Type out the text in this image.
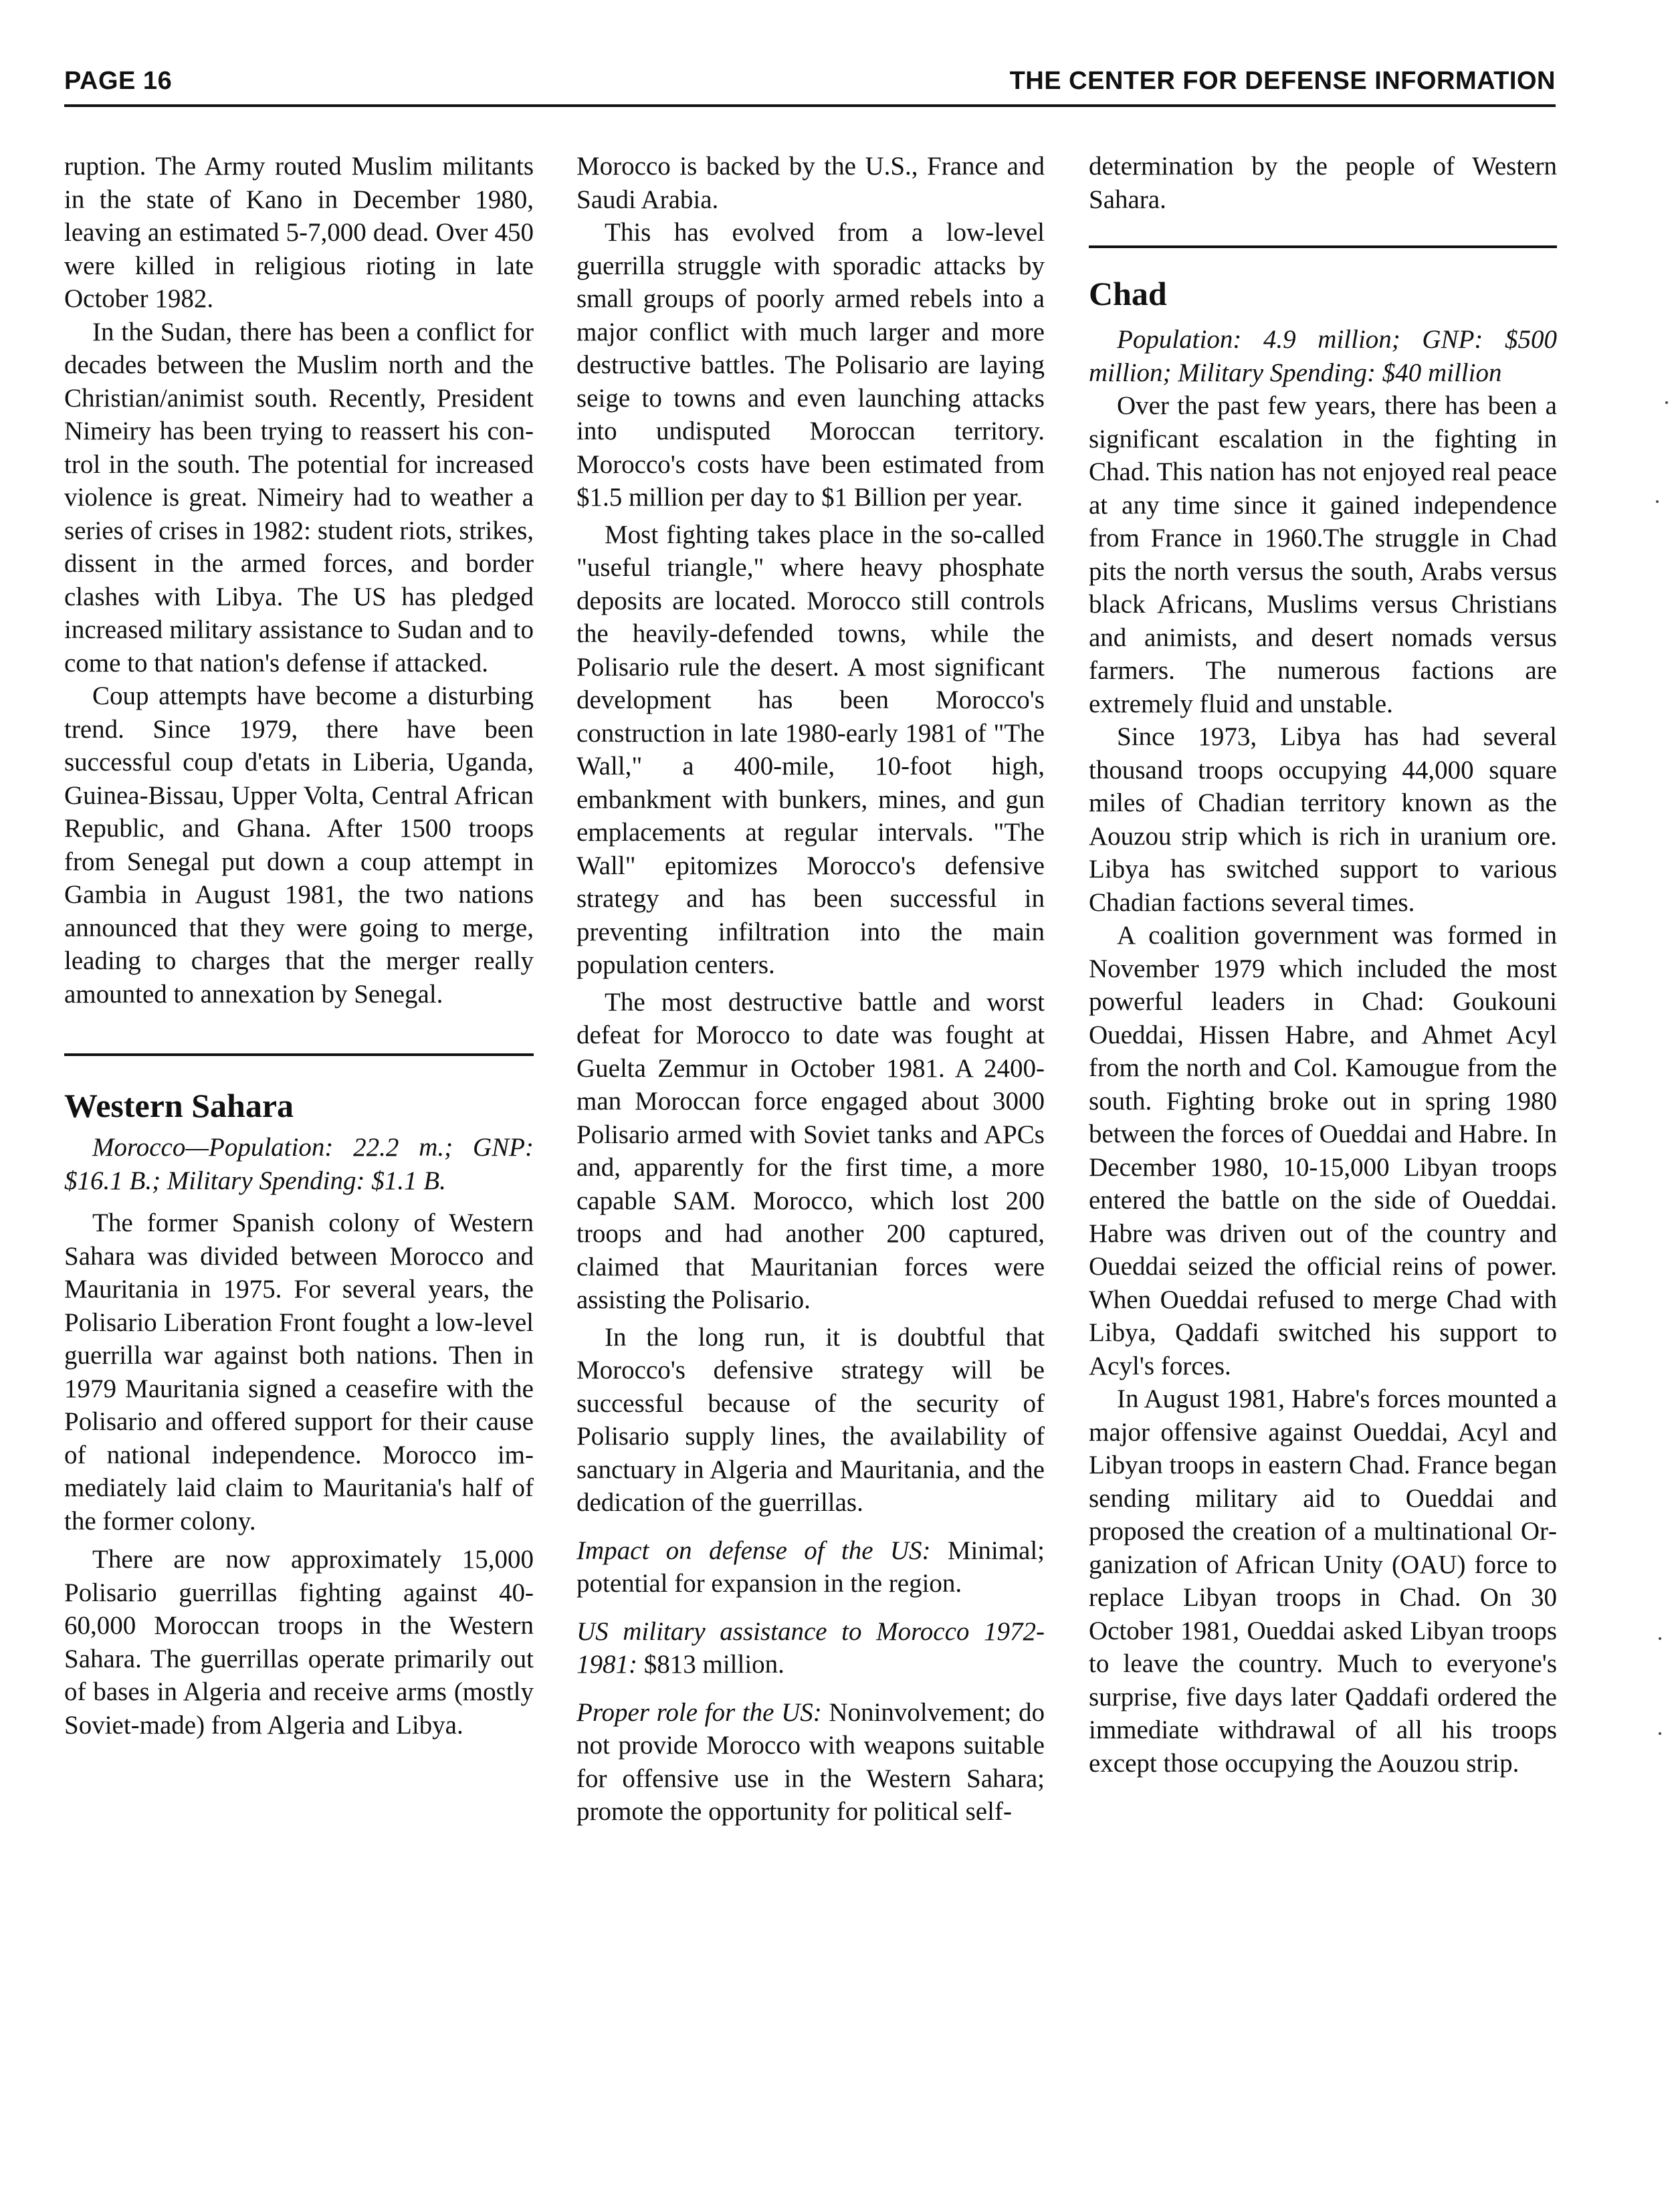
PAGE 16	THE CENTER FOR DEFENSE INFORMATION

ruption. The Army routed Muslim militants in the state of Kano in December 1980, leaving an estimated 5-7,000 dead. Over 450 were killed in religious rioting in late October 1982.

In the Sudan, there has been a conflict for decades between the Muslim north and the Christian/animist south. Recently, President Nimeiry has been trying to reassert his control in the south. The potential for increased violence is great. Nimeiry had to weather a series of crises in 1982: student riots, strikes, dissent in the armed forces, and border clashes with Libya. The US has pledged increased military assistance to Sudan and to come to that nation's defense if attacked.

Coup attempts have become a disturbing trend. Since 1979, there have been successful coup d'etats in Liberia, Uganda, Guinea-Bissau, Upper Volta, Central African Republic, and Ghana. After 1500 troops from Senegal put down a coup attempt in Gambia in August 1981, the two nations announced that they were going to merge, leading to charges that the merger really amounted to annexation by Senegal.

Western Sahara

Morocco—Population: 22.2 m.; GNP: $16.1 B.; Military Spending: $1.1 B.

The former Spanish colony of Western Sahara was divided between Morocco and Mauritania in 1975. For several years, the Polisario Liberation Front fought a low-level guerrilla war against both nations. Then in 1979 Mauritania signed a ceasefire with the Polisario and offered support for their cause of national independence. Morocco immediately laid claim to Mauritania's half of the former colony.

There are now approximately 15,000 Polisario guerrillas fighting against 40-60,000 Moroccan troops in the Western Sahara. The guerrillas operate primarily out of bases in Algeria and receive arms (mostly Soviet-made) from Algeria and Libya.

Morocco is backed by the U.S., France and Saudi Arabia.

This has evolved from a low-level guerrilla struggle with sporadic attacks by small groups of poorly armed rebels into a major conflict with much larger and more destructive battles. The Polisario are laying seige to towns and even launching attacks into undisputed Moroccan territory. Morocco's costs have been estimated from $1.5 million per day to $1 Billion per year.

Most fighting takes place in the so-called "useful triangle," where heavy phosphate deposits are located. Morocco still controls the heavily-defended towns, while the Polisario rule the desert. A most significant development has been Morocco's construction in late 1980-early 1981 of "The Wall," a 400-mile, 10-foot high, embankment with bunkers, mines, and gun emplacements at regular intervals. "The Wall" epitomizes Morocco's defensive strategy and has been successful in preventing infiltration into the main population centers.

The most destructive battle and worst defeat for Morocco to date was fought at Guelta Zemmur in October 1981. A 2400-man Moroccan force engaged about 3000 Polisario armed with Soviet tanks and APCs and, apparently for the first time, a more capable SAM. Morocco, which lost 200 troops and had another 200 captured, claimed that Mauritanian forces were assisting the Polisario.

In the long run, it is doubtful that Morocco's defensive strategy will be successful because of the security of Polisario supply lines, the availability of sanctuary in Algeria and Mauritania, and the dedication of the guerrillas.

Impact on defense of the US: Minimal; potential for expansion in the region.

US military assistance to Morocco 1972-1981: $813 million.

Proper role for the US: Noninvolvement; do not provide Morocco with weapons suitable for offensive use in the Western Sahara; promote the opportunity for political self-

determination by the people of Western Sahara.

Chad

Population: 4.9 million; GNP: $500 million; Military Spending: $40 million

Over the past few years, there has been a significant escalation in the fighting in Chad. This nation has not enjoyed real peace at any time since it gained independence from France in 1960.The struggle in Chad pits the north versus the south, Arabs versus black Africans, Muslims versus Christians and animists, and desert nomads versus farmers. The numerous factions are extremely fluid and unstable.

Since 1973, Libya has had several thousand troops occupying 44,000 square miles of Chadian territory known as the Aouzou strip which is rich in uranium ore. Libya has switched support to various Chadian factions several times.

A coalition government was formed in November 1979 which included the most powerful leaders in Chad: Goukouni Oueddai, Hissen Habre, and Ahmet Acyl from the north and Col. Kamougue from the south. Fighting broke out in spring 1980 between the forces of Oueddai and Habre. In December 1980, 10-15,000 Libyan troops entered the battle on the side of Oueddai. Habre was driven out of the country and Oueddai seized the official reins of power. When Oueddai refused to merge Chad with Libya, Qaddafi switched his support to Acyl's forces.

In August 1981, Habre's forces mounted a major offensive against Oueddai, Acyl and Libyan troops in eastern Chad. France began sending military aid to Oueddai and proposed the creation of a multinational Organization of African Unity (OAU) force to replace Libyan troops in Chad. On 30 October 1981, Oueddai asked Libyan troops to leave the country. Much to everyone's surprise, five days later Qaddafi ordered the immediate withdrawal of all his troops except those occupying the Aouzou strip.
